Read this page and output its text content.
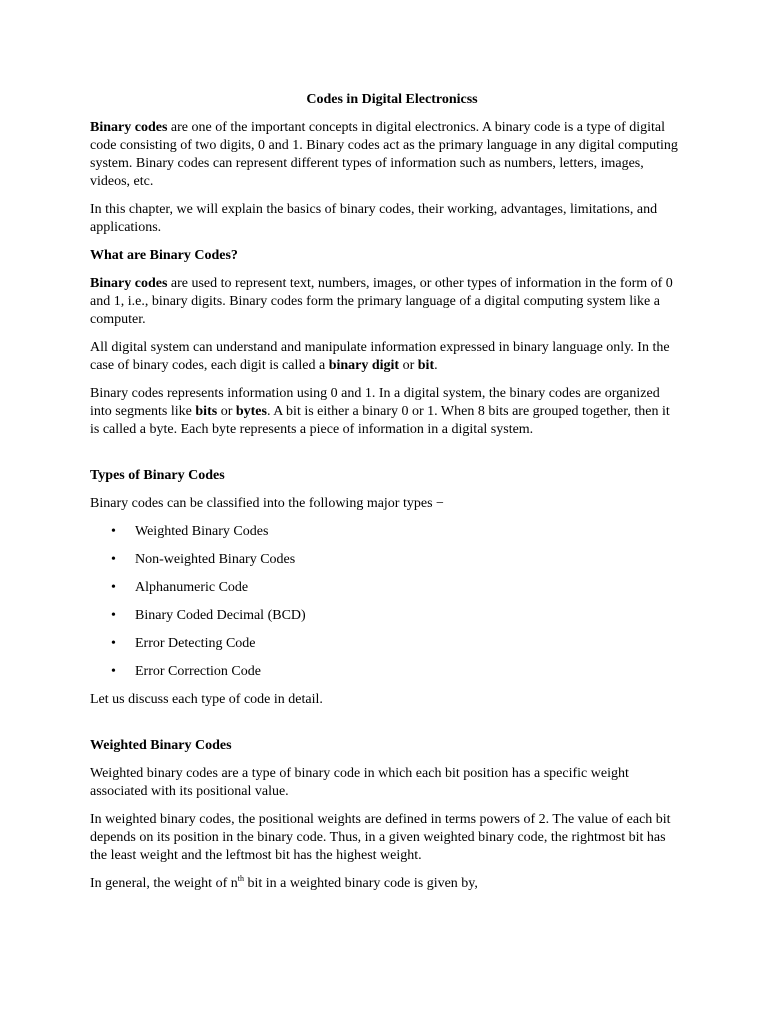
Codes in Digital Electronicss

Binary codes are one of the important concepts in digital electronics. A binary code is a type of digital code consisting of two digits, 0 and 1. Binary codes act as the primary language in any digital computing system. Binary codes can represent different types of information such as numbers, letters, images, videos, etc.

In this chapter, we will explain the basics of binary codes, their working, advantages, limitations, and applications.

What are Binary Codes?

Binary codes are used to represent text, numbers, images, or other types of information in the form of 0 and 1, i.e., binary digits. Binary codes form the primary language of a digital computing system like a computer.

All digital system can understand and manipulate information expressed in binary language only. In the case of binary codes, each digit is called a binary digit or bit.

Binary codes represents information using 0 and 1. In a digital system, the binary codes are organized into segments like bits or bytes. A bit is either a binary 0 or 1. When 8 bits are grouped together, then it is called a byte. Each byte represents a piece of information in a digital system.

Types of Binary Codes

Binary codes can be classified into the following major types −

• Weighted Binary Codes
• Non-weighted Binary Codes
• Alphanumeric Code
• Binary Coded Decimal (BCD)
• Error Detecting Code
• Error Correction Code

Let us discuss each type of code in detail.

Weighted Binary Codes

Weighted binary codes are a type of binary code in which each bit position has a specific weight associated with its positional value.

In weighted binary codes, the positional weights are defined in terms powers of 2. The value of each bit depends on its position in the binary code. Thus, in a given weighted binary code, the rightmost bit has the least weight and the leftmost bit has the highest weight.

In general, the weight of $n^{th}$ bit in a weighted binary code is given by,
